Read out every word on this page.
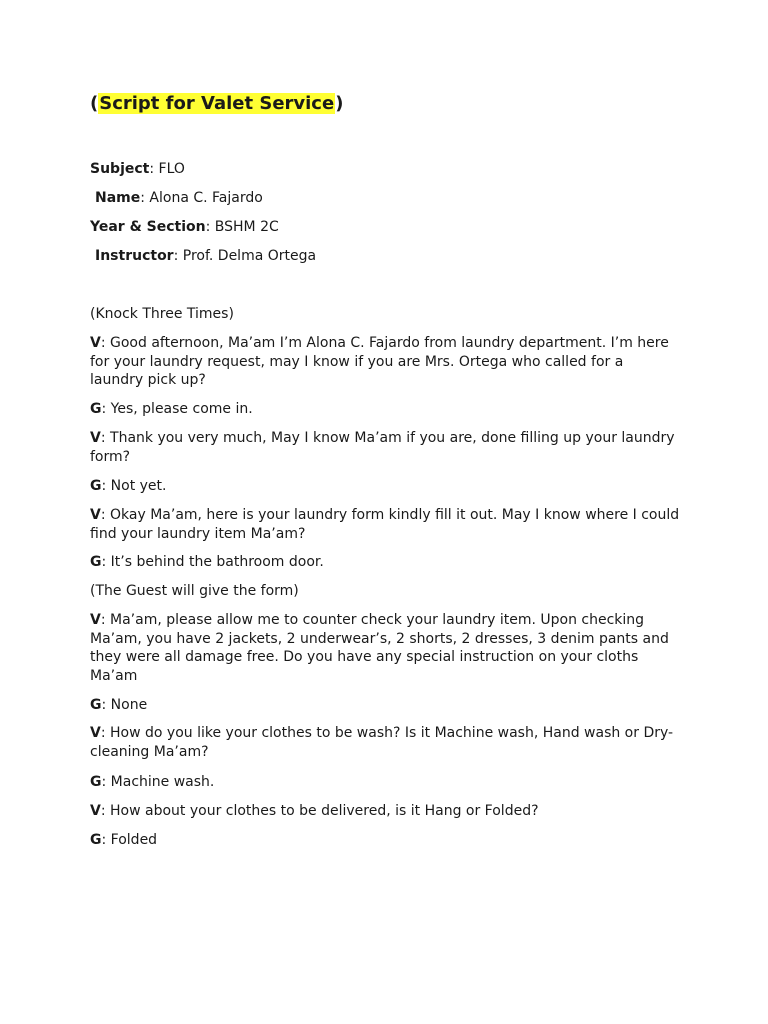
(Script for Valet Service)

Subject: FLO

Name: Alona C. Fajardo

Year & Section: BSHM 2C

Instructor: Prof. Delma Ortega

(Knock Three Times)

V: Good afternoon, Ma’am I’m Alona C. Fajardo from laundry department. I’m here for your laundry request, may I know if you are Mrs. Ortega who called for a laundry pick up?

G: Yes, please come in.

V: Thank you very much, May I know Ma’am if you are, done filling up your laundry form?

G: Not yet.

V: Okay Ma’am, here is your laundry form kindly fill it out. May I know where I could find your laundry item Ma’am?

G: It’s behind the bathroom door.

(The Guest will give the form)

V: Ma’am, please allow me to counter check your laundry item. Upon checking Ma’am, you have 2 jackets, 2 underwear’s, 2 shorts, 2 dresses, 3 denim pants and they were all damage free. Do you have any special instruction on your cloths Ma’am

G: None

V: How do you like your clothes to be wash? Is it Machine wash, Hand wash or Dry-cleaning Ma’am?

G: Machine wash.

V: How about your clothes to be delivered, is it Hang or Folded?

G: Folded
